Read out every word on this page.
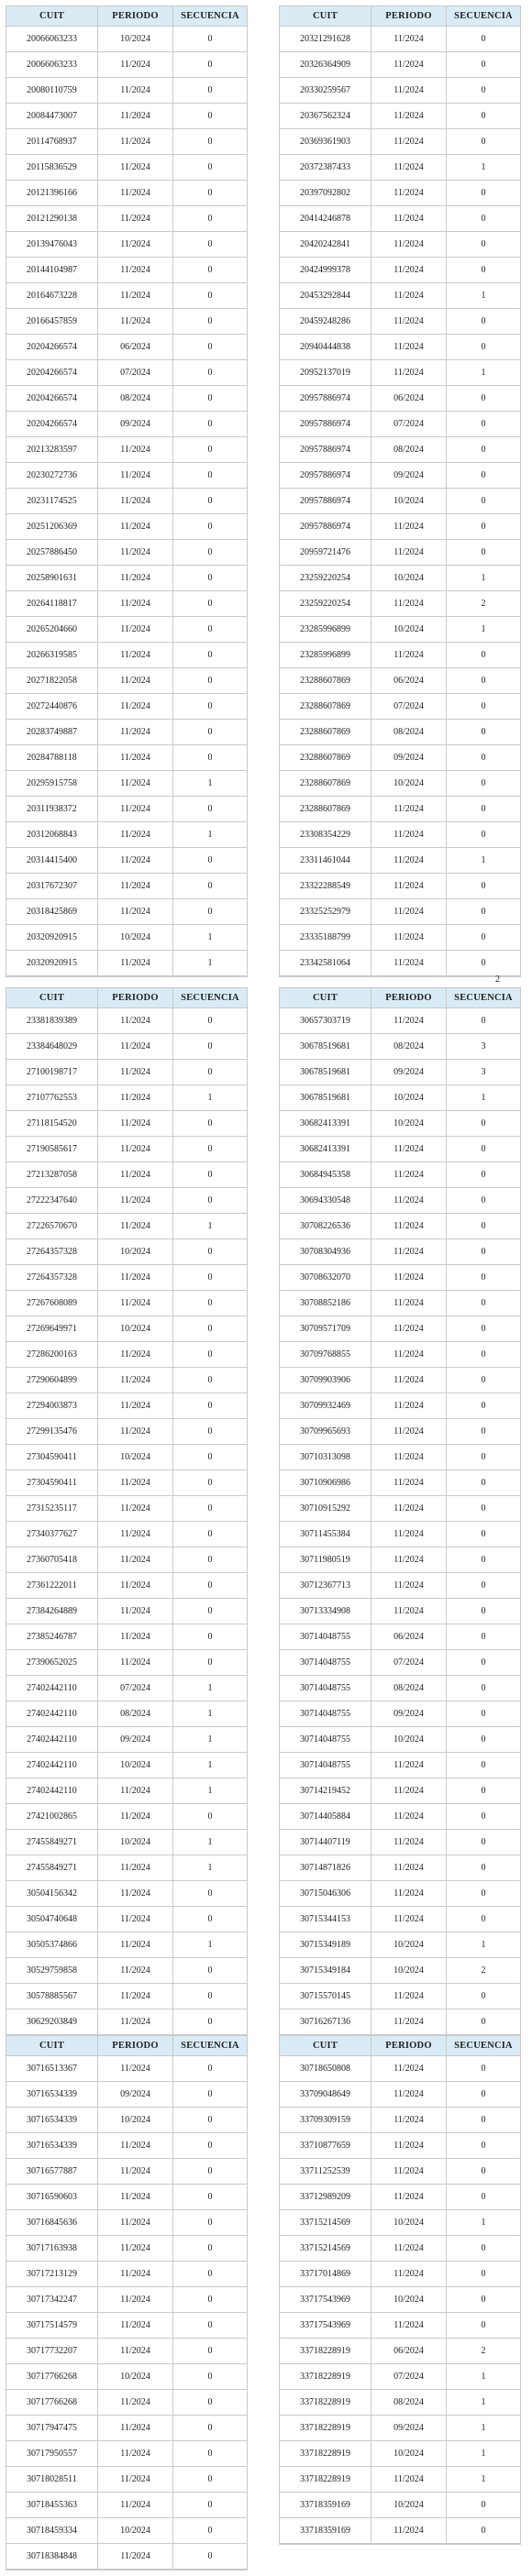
CUIT	PERIODO	SECUENCIA
20066063233	10/2024	0
20066063233	11/2024	0
20080110759	11/2024	0
20084473007	11/2024	0
20114768937	11/2024	0
20115836529	11/2024	0
20121396166	11/2024	0
20121290138	11/2024	0
20139476043	11/2024	0
20144104987	11/2024	0
20164673228	11/2024	0
20166457859	11/2024	0
20204266574	06/2024	0
20204266574	07/2024	0
20204266574	08/2024	0
20204266574	09/2024	0
20213283597	11/2024	0
20230272736	11/2024	0
20231174525	11/2024	0
20251206369	11/2024	0
20257886450	11/2024	0
20258901631	11/2024	0
20264118817	11/2024	0
20265204660	11/2024	0
20266319585	11/2024	0
20271822058	11/2024	0
20272440876	11/2024	0
20283749887	11/2024	0
20284788118	11/2024	0
20295915758	11/2024	1
20311938372	11/2024	0
20312068843	11/2024	1
20314415400	11/2024	0
20317672307	11/2024	0
20318425869	11/2024	0
20320920915	10/2024	1
20320920915	11/2024	1
CUIT	PERIODO	SECUENCIA
20321291628	11/2024	0
20326364909	11/2024	0
20330259567	11/2024	0
20367562324	11/2024	0
20369361903	11/2024	0
20372387433	11/2024	1
20397092802	11/2024	0
20414246878	11/2024	0
20420242841	11/2024	0
20424999378	11/2024	0
20453292844	11/2024	1
20459248286	11/2024	0
20940444838	11/2024	0
20952137019	11/2024	1
20957886974	06/2024	0
20957886974	07/2024	0
20957886974	08/2024	0
20957886974	09/2024	0
20957886974	10/2024	0
20957886974	11/2024	0
20959721476	11/2024	0
23259220254	10/2024	1
23259220254	11/2024	2
23285996899	10/2024	1
23285996899	11/2024	0
23288607869	06/2024	0
23288607869	07/2024	0
23288607869	08/2024	0
23288607869	09/2024	0
23288607869	10/2024	0
23288607869	11/2024	0
23308354229	11/2024	0
23311461044	11/2024	1
23322288549	11/2024	0
23325252979	11/2024	0
23335188799	11/2024	0
23342581064	11/2024	0
2
CUIT	PERIODO	SECUENCIA
23381839389	11/2024	0
23384648029	11/2024	0
27100198717	11/2024	0
27107762553	11/2024	1
27118154520	11/2024	0
27190585617	11/2024	0
27213287058	11/2024	0
27222347640	11/2024	0
27226570670	11/2024	1
27264357328	10/2024	0
27264357328	11/2024	0
27267608089	11/2024	0
27269649971	10/2024	0
27286200163	11/2024	0
27290604899	11/2024	0
27294003873	11/2024	0
27299135476	11/2024	0
27304590411	10/2024	0
27304590411	11/2024	0
27315235117	11/2024	0
27340377627	11/2024	0
27360705418	11/2024	0
27361222011	11/2024	0
27384264889	11/2024	0
27385246787	11/2024	0
27390652025	11/2024	0
27402442110	07/2024	1
27402442110	08/2024	1
27402442110	09/2024	1
27402442110	10/2024	1
27402442110	11/2024	1
27421002865	11/2024	0
27455849271	10/2024	1
27455849271	11/2024	1
30504156342	11/2024	0
30504740648	11/2024	0
30505374866	11/2024	1
30529759858	11/2024	0
30578885567	11/2024	0
30629203849	11/2024	0
CUIT	PERIODO	SECUENCIA
30657303719	11/2024	0
30678519681	08/2024	3
30678519681	09/2024	3
30678519681	10/2024	1
30682413391	10/2024	0
30682413391	11/2024	0
30684945358	11/2024	0
30694330548	11/2024	0
30708226536	11/2024	0
30708304936	11/2024	0
30708632070	11/2024	0
30708852186	11/2024	0
30709571709	11/2024	0
30709768855	11/2024	0
30709903906	11/2024	0
30709932469	11/2024	0
30709965693	11/2024	0
30710313098	11/2024	0
30710906986	11/2024	0
30710915292	11/2024	0
30711455384	11/2024	0
30711980519	11/2024	0
30712367713	11/2024	0
30713334908	11/2024	0
30714048755	06/2024	0
30714048755	07/2024	0
30714048755	08/2024	0
30714048755	09/2024	0
30714048755	10/2024	0
30714048755	11/2024	0
30714219452	11/2024	0
30714405884	11/2024	0
30714407119	11/2024	0
30714871826	11/2024	0
30715046306	11/2024	0
30715344153	11/2024	0
30715349189	10/2024	1
30715349184	10/2024	2
30715570145	11/2024	0
30716267136	11/2024	0
CUIT	PERIODO	SECUENCIA
30716513367	11/2024	0
30716534339	09/2024	0
30716534339	10/2024	0
30716534339	11/2024	0
30716577887	11/2024	0
30716590603	11/2024	0
30716845636	11/2024	0
30717163938	11/2024	0
30717213129	11/2024	0
30717342247	11/2024	0
30717514579	11/2024	0
30717732207	11/2024	0
30717766268	10/2024	0
30717766268	11/2024	0
30717947475	11/2024	0
30717950557	11/2024	0
30718028511	11/2024	0
30718455363	11/2024	0
30718459334	10/2024	0
30718384848	11/2024	0
CUIT	PERIODO	SECUENCIA
30718650808	11/2024	0
33709048649	11/2024	0
33709309159	11/2024	0
33710877659	11/2024	0
33711252539	11/2024	0
33712989209	11/2024	0
33715214569	10/2024	1
33715214569	11/2024	0
33717014869	11/2024	0
33717543969	10/2024	0
33717543969	11/2024	0
33718228919	06/2024	2
33718228919	07/2024	1
33718228919	08/2024	1
33718228919	09/2024	1
33718228919	10/2024	1
33718228919	11/2024	1
33718359169	10/2024	0
33718359169	11/2024	0
